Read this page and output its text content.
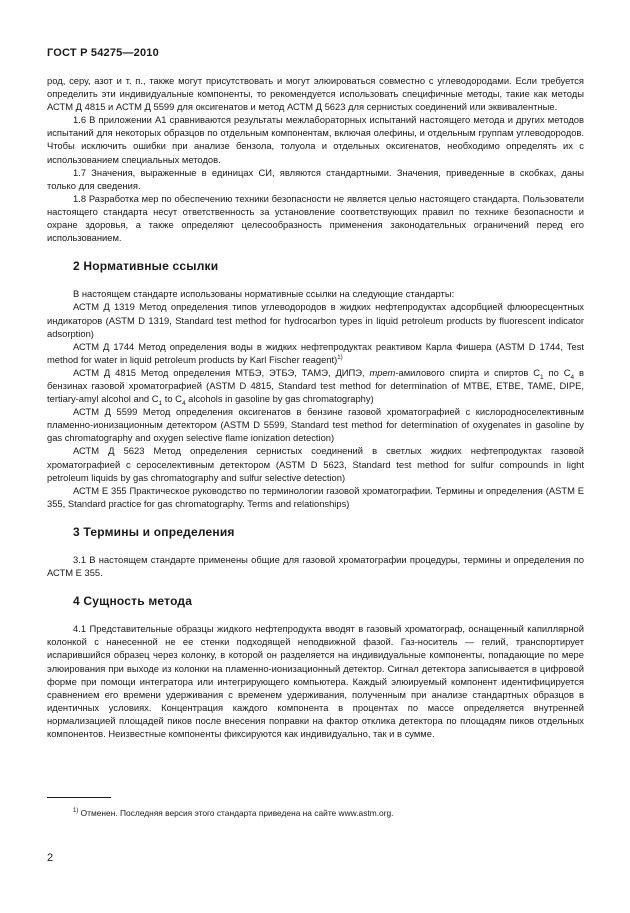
ГОСТ Р 54275—2010

род, серу, азот и т. п., также могут присутствовать и могут элюироваться совместно с углеводородами. Если требуется определить эти индивидуальные компоненты, то рекомендуется использовать специфичные методы, такие как методы АСТМ Д 4815 и АСТМ Д 5599 для оксигенатов и метод АСТМ Д 5623 для сернистых соединений или эквивалентные.

1.6 В приложении А1 сравниваются результаты межлабораторных испытаний настоящего метода и других методов испытаний для некоторых образцов по отдельным компонентам, включая олефины, и отдельным группам углеводородов. Чтобы исключить ошибки при анализе бензола, толуола и отдельных оксигенатов, необходимо определять их с использованием специальных методов.

1.7 Значения, выраженные в единицах СИ, являются стандартными. Значения, приведенные в скобках, даны только для сведения.

1.8 Разработка мер по обеспечению техники безопасности не является целью настоящего стандарта. Пользователи настоящего стандарта несут ответственность за установление соответствующих правил по технике безопасности и охране здоровья, а также определяют целесообразность применения законодательных ограничений перед его использованием.

2 Нормативные ссылки

В настоящем стандарте использованы нормативные ссылки на следующие стандарты:

АСТМ Д 1319 Метод определения типов углеводородов в жидких нефтепродуктах адсорбцией флюоресцентных индикаторов (ASTM D 1319, Standard test method for hydrocarbon types in liquid petroleum products by fluorescent indicator adsorption)

АСТМ Д 1744 Метод определения воды в жидких нефтепродуктах реактивом Карла Фишера (ASTM D 1744, Test method for water in liquid petroleum products by Karl Fischer reagent)$^{1)}$

АСТМ Д 4815 Метод определения МТБЭ, ЭТБЭ, ТАМЭ, ДИПЭ, трет-амилового спирта и спиртов $C_1$ по $C_4$ в бензинах газовой хроматографией (ASTM D 4815, Standard test method for determination of MTBE, ETBE, TAME, DIPE, tertiary-amyl alcohol and $C_1$ to $C_4$ alcohols in gasoline by gas chromatography)

АСТМ Д 5599 Метод определения оксигенатов в бензине газовой хроматографией с кислородноселективным пламенно-ионизационным детектором (ASTM D 5599, Standard test method for determination of oxygenates in gasoline by gas chromatography and oxygen selective flame ionization detection)

АСТМ Д 5623 Метод определения сернистых соединений в светлых жидких нефтепродуктах газовой хроматографией с сероселективным детектором (ASTM D 5623, Standard test method for sulfur compounds in light petroleum liquids by gas chromatography and sulfur selective detection)

АСТМ Е 355 Практическое руководство по терминологии газовой хроматографии. Термины и определения (ASTM E 355, Standard practice for gas chromatography. Terms and relationships)

3 Термины и определения

3.1 В настоящем стандарте применены общие для газовой хроматографии процедуры, термины и определения по АСТМ Е 355.

4 Сущность метода

4.1 Представительные образцы жидкого нефтепродукта вводят в газовый хроматограф, оснащенный капиллярной колонкой с нанесенной не ее стенки подходящей неподвижной фазой. Газ-носитель — гелий, транспортирует испарившийся образец через колонку, в которой он разделяется на индивидуальные компоненты, попадающие по мере элюирования при выходе из колонки на пламенно-ионизационный детектор. Сигнал детектора записывается в цифровой форме при помощи интегратора или интегрирующего компьютера. Каждый элюируемый компонент идентифицируется сравнением его времени удерживания с временем удерживания, полученным при анализе стандартных образцов в идентичных условиях. Концентрация каждого компонента в процентах по массе определяется внутренней нормализацией площадей пиков после внесения поправки на фактор отклика детектора по площадям пиков отдельных компонентов. Неизвестные компоненты фиксируются как индивидуально, так и в сумме.

$^{1)}$ Отменен. Последняя версия этого стандарта приведена на сайте www.astm.org.
2
